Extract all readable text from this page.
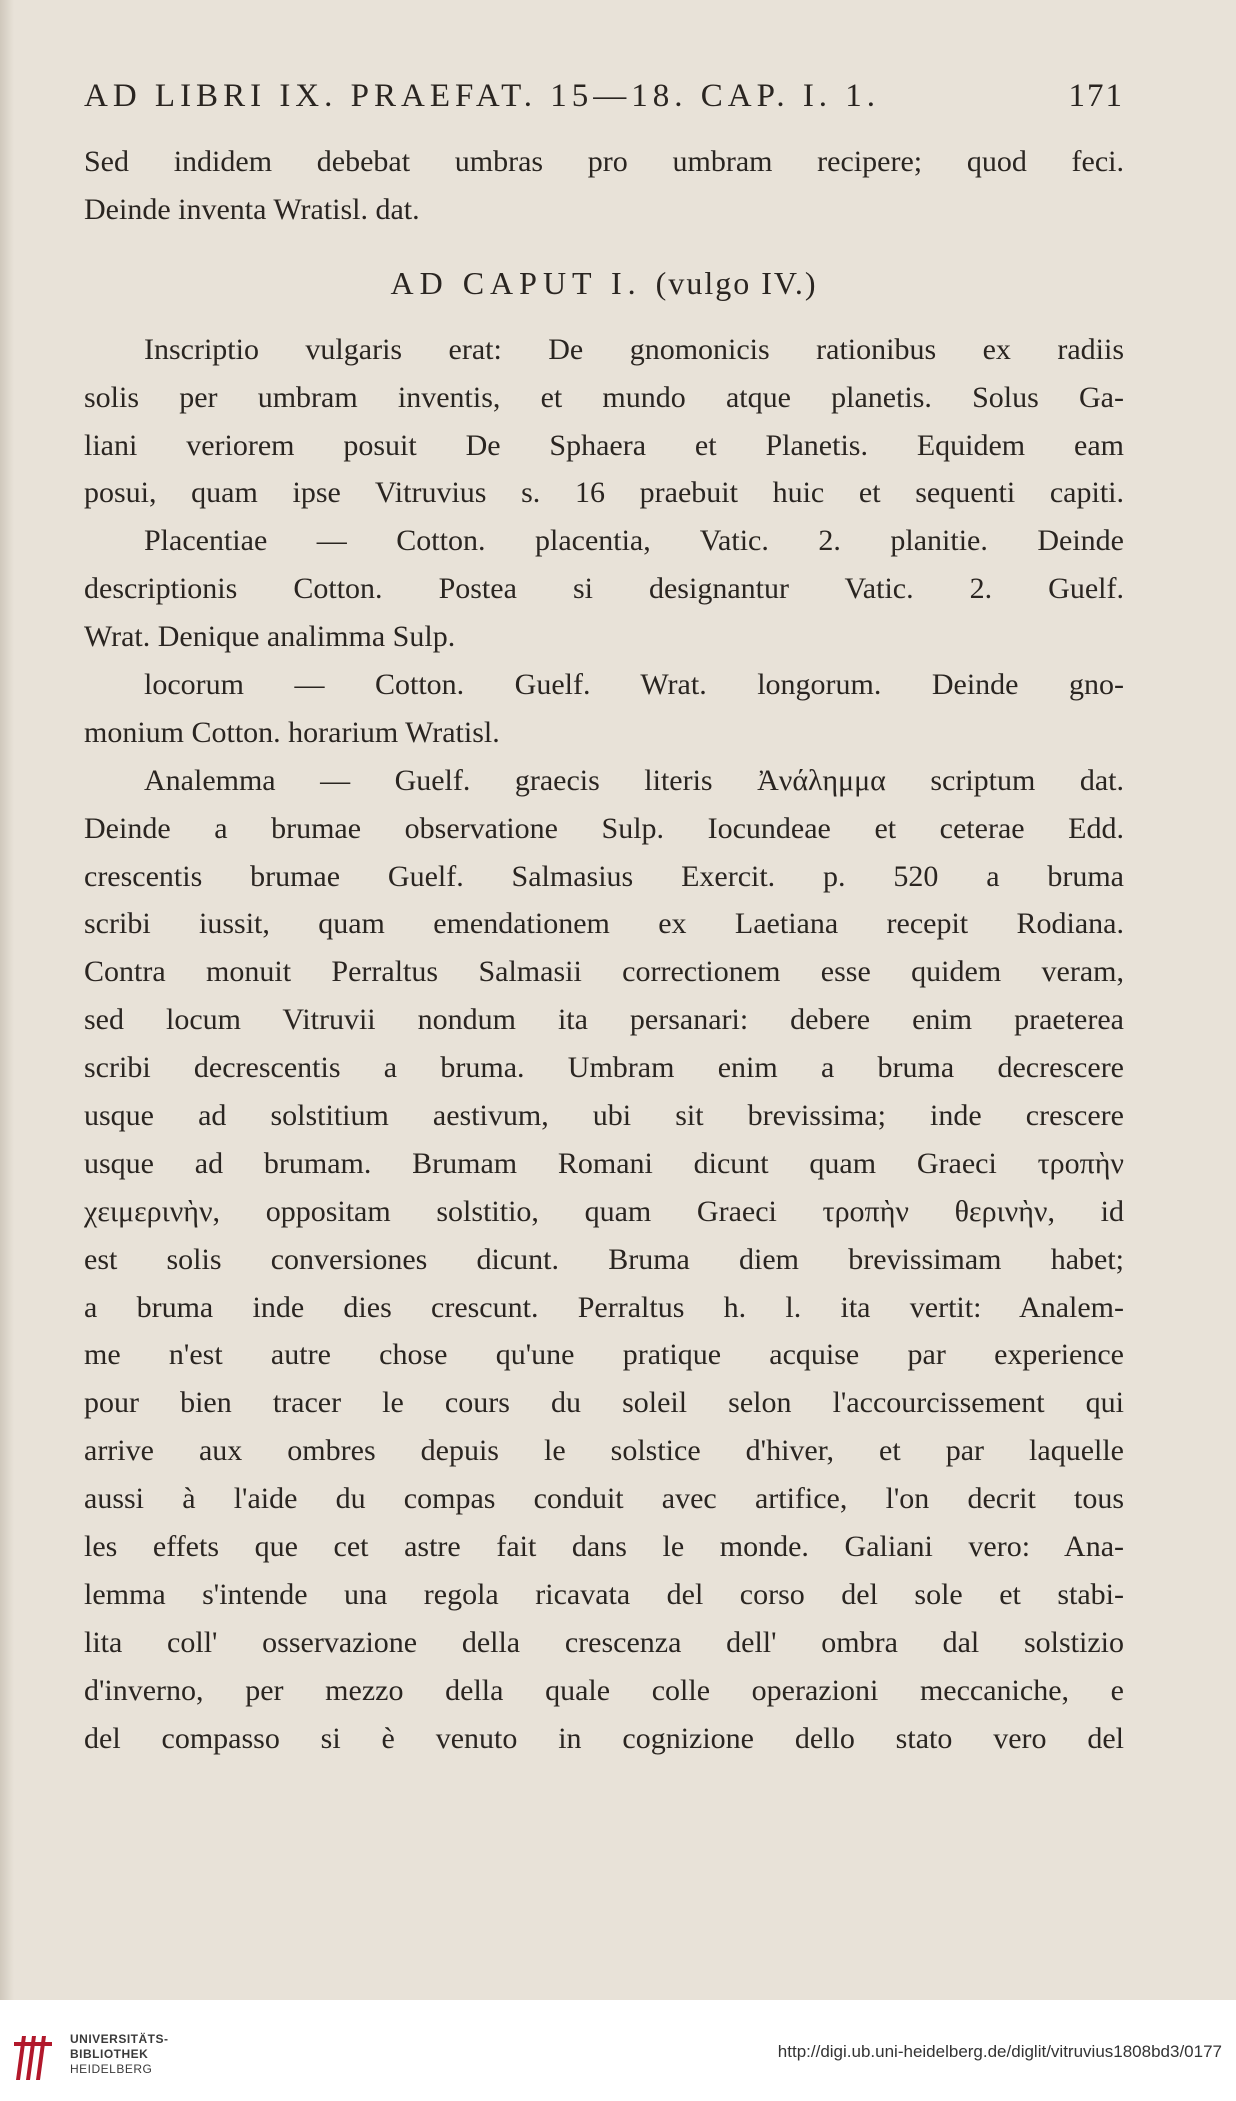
AD LIBRI IX. PRAEFAT. 15—18. CAP. I. 1.	171
Sed indidem debebat umbras pro umbram recipere; quod feci.
Deinde inventa Wratisl. dat.
AD CAPUT I. (vulgo IV.)
Inscriptio vulgaris erat: De gnomonicis rationibus ex radiis
solis per umbram inventis, et mundo atque planetis. Solus Ga-
liani veriorem posuit De Sphaera et Planetis. Equidem eam
posui, quam ipse Vitruvius s. 16 praebuit huic et sequenti capiti.
Placentiae — Cotton. placentia, Vatic. 2. planitie. Deinde
descriptionis Cotton. Postea si designantur Vatic. 2. Guelf.
Wrat. Denique analimma Sulp.
locorum — Cotton. Guelf. Wrat. longorum. Deinde gno-
monium Cotton. horarium Wratisl.
Analemma — Guelf. graecis literis Ἀνάλημμα scriptum dat.
Deinde a brumae observatione Sulp. Iocundeae et ceterae Edd.
crescentis brumae Guelf. Salmasius Exercit. p. 520 a bruma
scribi iussit, quam emendationem ex Laetiana recepit Rodiana.
Contra monuit Perraltus Salmasii correctionem esse quidem veram,
sed locum Vitruvii nondum ita persanari: debere enim praeterea
scribi decrescentis a bruma. Umbram enim a bruma decrescere
usque ad solstitium aestivum, ubi sit brevissima; inde crescere
usque ad brumam. Brumam Romani dicunt quam Graeci τροπὴν
χειμερινὴν, oppositam solstitio, quam Graeci τροπὴν θερινὴν, id
est solis conversiones dicunt. Bruma diem brevissimam habet;
a bruma inde dies crescunt. Perraltus h. l. ita vertit: Analem-
me n'est autre chose qu'une pratique acquise par experience
pour bien tracer le cours du soleil selon l'accourcissement qui
arrive aux ombres depuis le solstice d'hiver, et par laquelle
aussi à l'aide du compas conduit avec artifice, l'on decrit tous
les effets que cet astre fait dans le monde. Galiani vero: Ana-
lemma s'intende una regola ricavata del corso del sole et stabi-
lita coll' osservazione della crescenza dell' ombra dal solstizio
d'inverno, per mezzo della quale colle operazioni meccaniche, e
del compasso si è venuto in cognizione dello stato vero del
UNIVERSITÄTS-
BIBLIOTHEK
HEIDELBERG
http://digi.ub.uni-heidelberg.de/diglit/vitruvius1808bd3/0177
